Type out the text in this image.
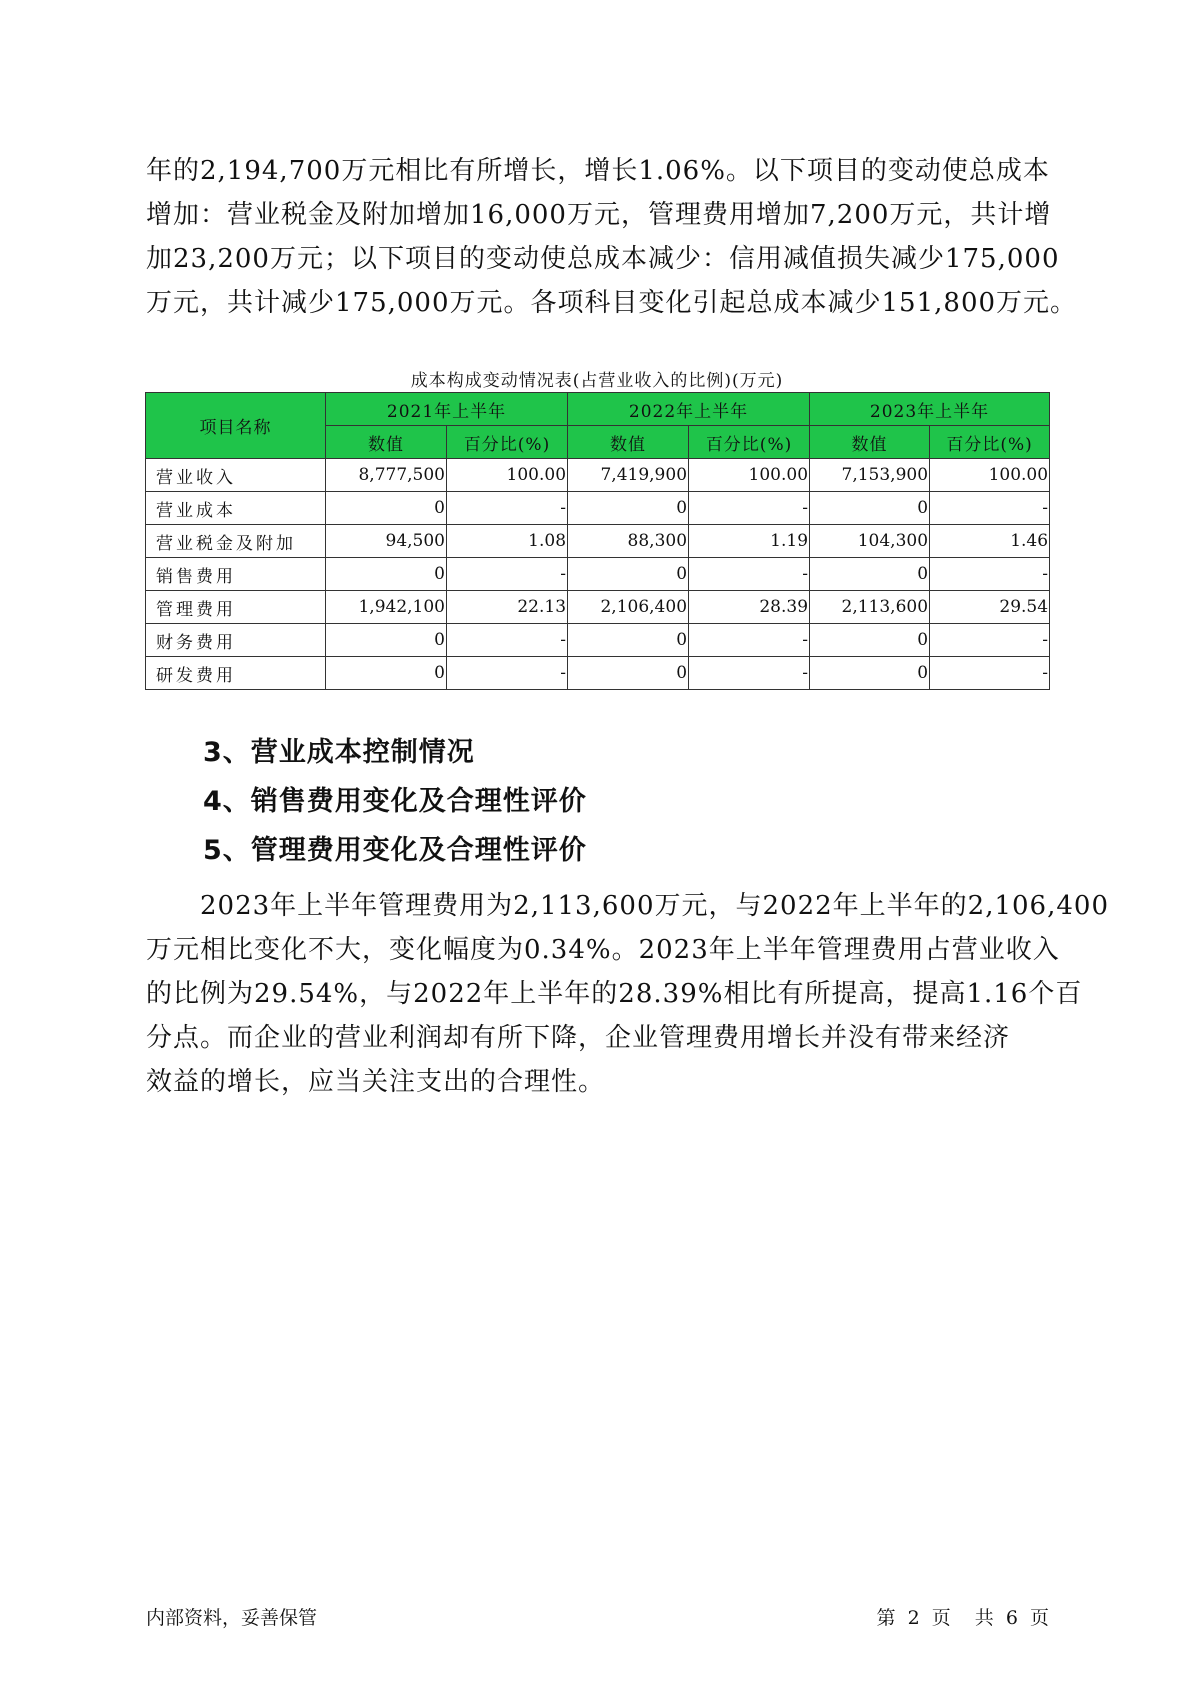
年的2,194,700万元相比有所增长，增长1.06%。以下项目的变动使总成本
增加：营业税金及附加增加16,000万元，管理费用增加7,200万元，共计增
加23,200万元；以下项目的变动使总成本减少：信用减值损失减少175,000
万元，共计减少175,000万元。各项科目变化引起总成本减少151,800万元。
成本构成变动情况表(占营业收入的比例)(万元)
项目名称	2021年上半年		2022年上半年		2023年上半年	
	数值	百分比(%)	数值	百分比(%)	数值	百分比(%)
营业收入	8,777,500	100.00	7,419,900	100.00	7,153,900	100.00
营业成本	0	-	0	-	0	-
营业税金及附加	94,500	1.08	88,300	1.19	104,300	1.46
销售费用	0	-	0	-	0	-
管理费用	1,942,100	22.13	2,106,400	28.39	2,113,600	29.54
财务费用	0	-	0	-	0	-
研发费用	0	-	0	-	0	-
3、营业成本控制情况
4、销售费用变化及合理性评价
5、管理费用变化及合理性评价
　　2023年上半年管理费用为2,113,600万元，与2022年上半年的2,106,400
万元相比变化不大，变化幅度为0.34%。2023年上半年管理费用占营业收入
的比例为29.54%，与2022年上半年的28.39%相比有所提高，提高1.16个百
分点。而企业的营业利润却有所下降，企业管理费用增长并没有带来经济
效益的增长，应当关注支出的合理性。
内部资料，妥善保管	第 2 页 共 6 页
